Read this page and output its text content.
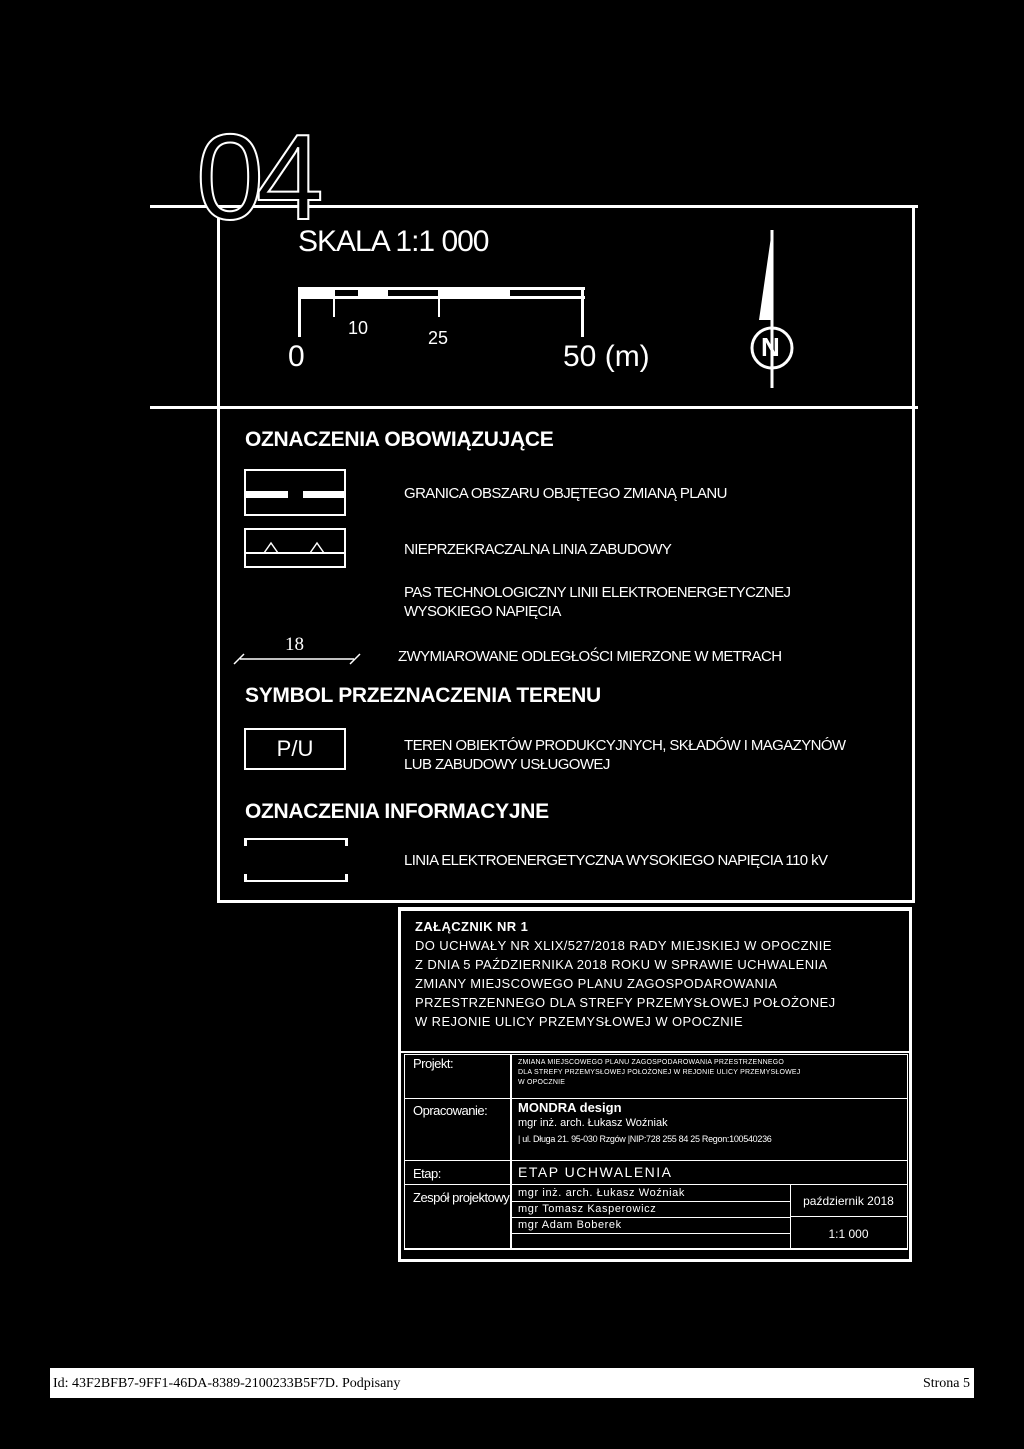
04
SKALA 1:1 000
0
10	25
50 (m)	N
OZNACZENIA OBOWIĄZUJĄCE
GRANICA OBSZARU OBJĘTEGO ZMIANĄ PLANU
NIEPRZEKRACZALNA LINIA ZABUDOWY
PAS TECHNOLOGICZNY LINII ELEKTROENERGETYCZNEJ
WYSOKIEGO NAPIĘCIA
18
ZWYMIAROWANE ODLEGŁOŚCI MIERZONE W METRACH
SYMBOL PRZEZNACZENIA TERENU
P/U	TEREN OBIEKTÓW PRODUKCYJNYCH, SKŁADÓW I MAGAZYNÓW
LUB ZABUDOWY USŁUGOWEJ
OZNACZENIA INFORMACYJNE
LINIA ELEKTROENERGETYCZNA WYSOKIEGO NAPIĘCIA 110 kV
ZAŁĄCZNIK NR 1
DO UCHWAŁY NR XLIX/527/2018 RADY MIEJSKIEJ W OPOCZNIE
Z DNIA 5 PAŹDZIERNIKA 2018 ROKU W SPRAWIE UCHWALENIA
ZMIANY MIEJSCOWEGO PLANU ZAGOSPODAROWANIA
PRZESTRZENNEGO DLA STREFY PRZEMYSŁOWEJ POŁOŻONEJ
W REJONIE ULICY PRZEMYSŁOWEJ W OPOCZNIE
Projekt:	ZMIANA MIEJSCOWEGO PLANU ZAGOSPODAROWANIA PRZESTRZENNEGO
DLA STREFY PRZEMYSŁOWEJ POŁOŻONEJ W REJONIE ULICY PRZEMYSŁOWEJ
W OPOCZNIE
Opracowanie: MONDRA design
mgr inż. arch. Łukasz Woźniak
| ul. Długa 21. 95-030 Rzgów |NIP:728 255 84 25 Regon:100540236
Etap:	ETAP UCHWALENIA
Zespół projektowy: mgr inż. arch. Łukasz Woźniak
mgr Tomasz Kasperowicz
mgr Adam Boberek
październik 2018
1:1 000
Id: 43F2BFB7-9FF1-46DA-8389-2100233B5F7D. Podpisany	Strona 5
